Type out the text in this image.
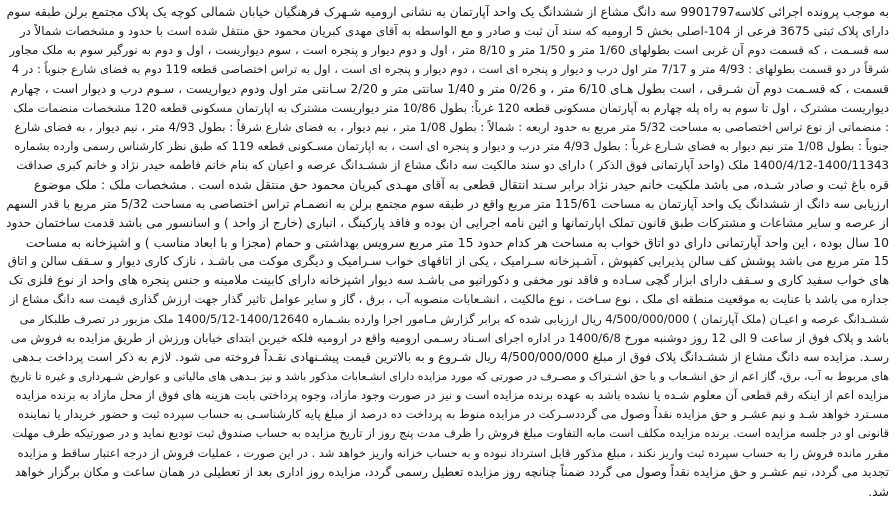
به موجب پرونده اجرائی کلاسه9901797 سه دانگ مشاع از ششدانگ یک واحد آپارتمان به نشانی ارومیه شـهرک فرهنگیان خیابان شمالی کوچه یک پلاک مجتمع برلن طبقه سوم
دارای پلاک ثبتی 3675 فرعی از 104-اصلی بخش 5 ارومیه که سند آن ثبت و صادر و مع الواسطه به آقای مهدی کبریان محمود حق منتقل شده است با حدود و مشخصات شمالاً در
سه قسـمت ، که قسمت دوم آن غربی است بطولهای 1/60 متر و 1/50 متر و 8/10 متر ، اول و دوم دیوار و پنجره است ، سوم دیواریست ، اول و دوم به نورگیر سوم به ملک مجاور
شرقاً در دو قسمت بطولهای : 4/93 متر و 7/17 متر اول درب و دیوار و پنجره ای است ، دوم دیوار و پنجره ای است ، اول به تراس اختصاصی قطعه 119 دوم به فضای شارع جنوباً : در 4
قسمت ، که قسـمت دوم آن شـرقی ، است بطول هـای 6/10 متر ، و 0/26 متر و 1/40 سانتی متر و 2/20 سـانتی متر اول ودوم دیواریست ، سـوم درب و دیوار است ، چهارم
دیواریست مشترک ، اول تا سوم به راه پله چهارم به آپارتمان مسکونی قطعه 120 غرباً: بطول 10/86 متر دیواریست مشترک به اپارتمان مسکونی قطعه 120 مشخصات منضمات ملک
: منضماتی از نوع تراس اختصاصی به مساحت 5/32 متر مربع به حدود اربعه : شمالاً : بطول 1/08 متر ، نیم دیوار ، به فضای شارع شرقاً : بطول 4/93 متر ، نیم دیوار ، به فضای شارع
جنوباً : بطول 1/08 متر نیم دیوار به فضای شـارع غرباً : بطول 4/93 متر درب و دیوار و پنجره ای است ، به اپارتمان مسـکونی قطعه 119 که طبق نظر کارشناس رسمی وارده بشماره
1400/4/12-1400/11343 ملک (واحد آپارتمانی فوق الذکر ) دارای دو سند مالکیت سه دانگ مشاع از ششـدانگ عرصه و اعیان که بنام خانم فاطمه حیدر نژاد و خانم کبری صداقت
قره باغ ثبت و صادر شـده، می باشد ملکیت خانم حیدر نژاد برابر سـند انتقال قطعی به آقای مهـدی کبریان محمود حق منتقل شده است . مشخصات ملک : ملک موضوع
ارزیابی سه دانگ از ششدانگ یک واحد آپارتمان به مساحت 115/61 متر مربع واقع در طبقه سوم مجتمع برلن به انضمـام تراس اختصاصی به مساحت 5/32 متر مربع با قدر السهم
از عرصه و سایر مشاعات و مشترکات طبق قانون تملک اپارتمانها و ائین نامه اجرایی ان بوده و فاقد پارکینگ ، انباری (خارج از واحد ) و اسانسور می باشد قدمت ساختمان حدود
10 سال بوده ، این واحد آپارتمانی دارای دو اتاق خواب به مساحت هر کدام حدود 15 متر مربع سرویس بهداشتی و حمام (مجزا و با ابعاد مناسب ) و اشپزخانه به مساحت
15 متر مربع می باشد پوشش کف سالن پذیرایی کفپوش ، آشـپزخانه سـرامیک ، یکی از اتاقهای خواب سـرامیک و دیگری موکت می باشـد ، نازک کاری دیوار و سـقف سالن و اتاق
های خواب سفید کاری و سـقف دارای ابزار گچی سـاده و فاقد نور مخفی و دکوراتیو می باشـد سه دیوار اشپزخانه دارای کابینت ملامینه و جنس پنجره های واحد از نوع فلزی تک
جداره می باشد با عنایت به موقعیت منطقه ای ملک ، نوع سـاخت ، نوع مالکیت ، انشـعابات منصوبه آب ، برق ، گاز و سایر عوامل تاثیر گذار جهت ارزش گذاری قیمت سه دانگ مشاع از
ششـدانگ عرصه و اعیـان (ملک آپارتمان ) 4/500/000/000 ریال ارزیابی شده که برابر گزارش مـامور اجرا وارده بشـماره 1400/12640-1400/5/12 ملک مزبور در تصرف طلبکار می
باشد و پلاک فوق از ساعت 9 الی 12 روز دوشنبه مورخ 1400/6/8 در اداره اجرای اسـناد رسـمی ارومیه واقع در ارومیه فلکه خیرین ابتدای خیابان ورزش از طریق مزایده به فروش می
رسـد. مزایده سه دانگ مشاع از ششـدانگ پلاک فوق از مبلغ 4/500/000/000 ریال شـروع و به بالاترین قیمت پیشـنهادی نقـداً فروخته می شود. لازم به ذکر است پرداخت بـدهی
های مربوط به آب، برق، گاز اعم از حق انشـعاب و یا حق اشـتراک و مصـرف در صورتی که مورد مزایده دارای انشـعابات مذکور باشد و نیز بـدهی های مالیاتی و عوارض شـهرداری و غیره تا تاریخ
مزایده اعم از اینکه رقم قطعی آن معلوم شـده یا نشده باشد به عهده برنده مزایده است و نیز در صورت وجود مازاد، وجوه پرداختی بابت هزینه های فوق از محل مازاد به برنده مزایده
مسـترد خواهد شـد و نیم عشـر و حق مزایده نقداً وصول می گرددسـرکت در مزایده منوط به پرداخت ده درصد از مبلغ پایه کارشناسـی به حساب سپرده ثبت و حضور خریدار یا نماینده
قانونی او در جلسه مزایده است. برنده مزایده مکلف است مابه التفاوت مبلغ فروش را ظرف مدت پنج روز از تاریخ مزایده به حساب صندوق ثبت تودیع نماید و در صورتیکه ظرف مهلت
مقرر مانده فروش را به حساب سپرده ثبت واریز نکند ، مبلغ مذکور قابل استرداد نبوده و به حساب خزانه واریز خواهد شد . در این صورت ، عملیات فروش از درجه اعتبار ساقط و مزایده
تجدید می گردد، نیم عشـر و حق مزایده نقداً وصول می گردد ضمناً چنانچه روز مزایده تعطیل رسمی گردد، مزایده روز اداری بعد از تعطیلی در همان ساعت و مکان برگزار خواهد
شد.
